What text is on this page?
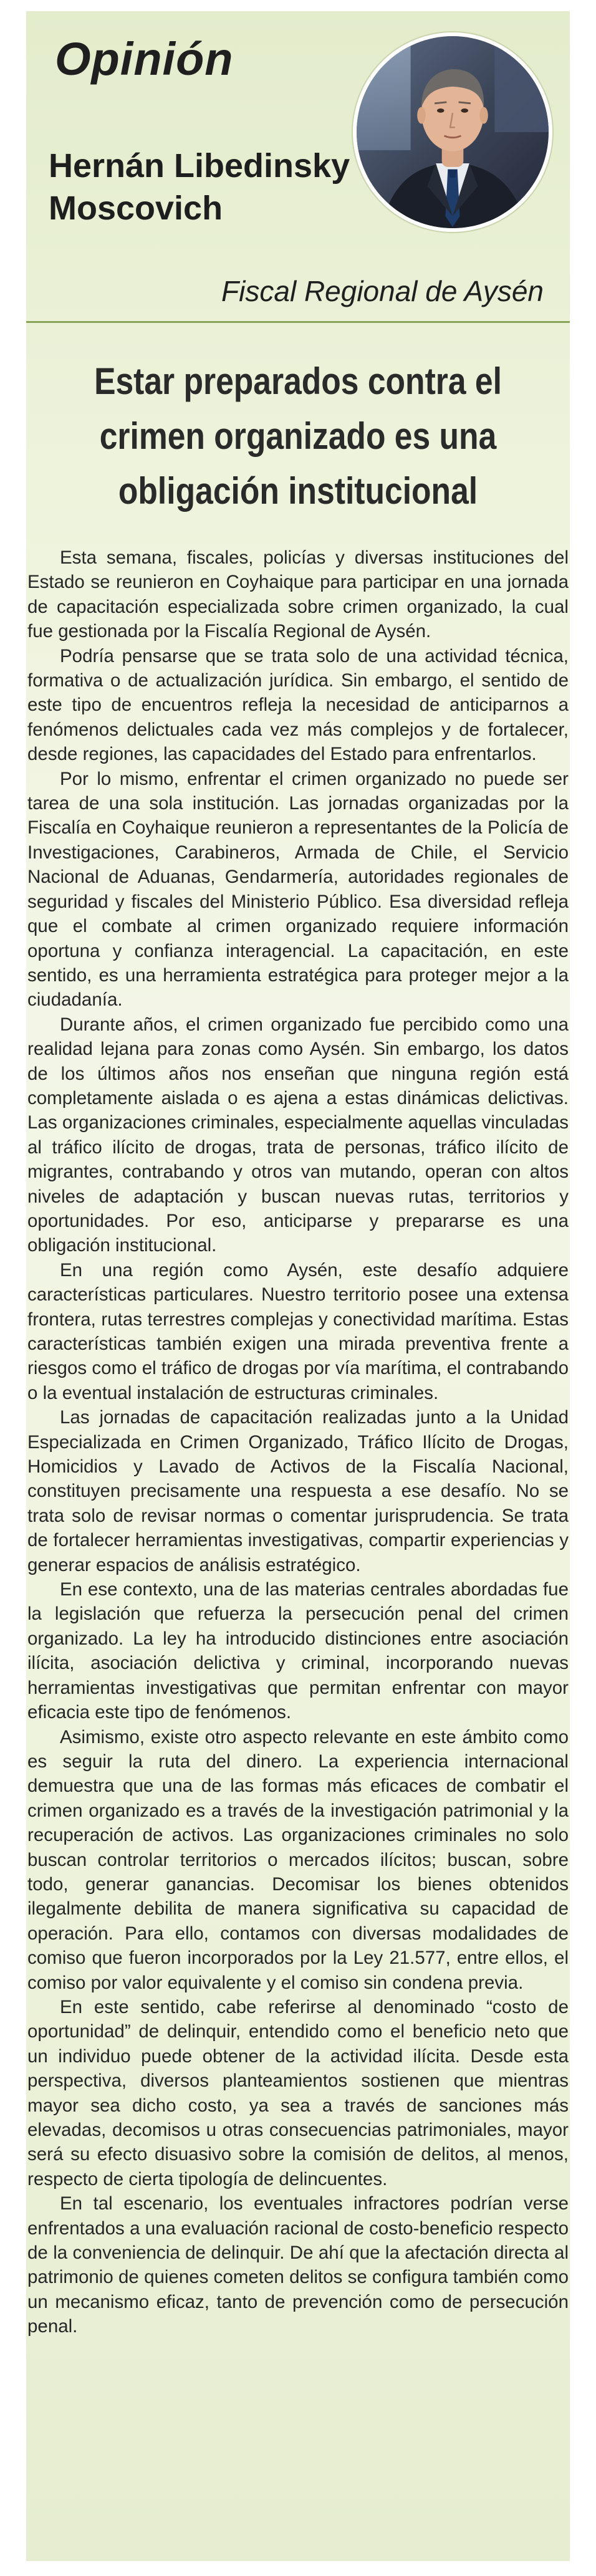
Opinión
Hernán Libedinsky
Moscovich

Fiscal Regional de Aysén

Estar preparados contra el crimen organizado es una obligación institucional

Esta semana, fiscales, policías y diversas instituciones del Estado se reunieron en Coyhaique para participar en una jornada de capacitación especializada sobre crimen organizado, la cual fue gestionada por la Fiscalía Regional de Aysén.

Podría pensarse que se trata solo de una actividad técnica, formativa o de actualización jurídica. Sin embargo, el sentido de este tipo de encuentros refleja la necesidad de anticiparnos a fenómenos delictuales cada vez más complejos y de fortalecer, desde regiones, las capacidades del Estado para enfrentarlos.

Por lo mismo, enfrentar el crimen organizado no puede ser tarea de una sola institución. Las jornadas organizadas por la Fiscalía en Coyhaique reunieron a representantes de la Policía de Investigaciones, Carabineros, Armada de Chile, el Servicio Nacional de Aduanas, Gendarmería, autoridades regionales de seguridad y fiscales del Ministerio Público. Esa diversidad refleja que el combate al crimen organizado requiere información oportuna y confianza interagencial. La capacitación, en este sentido, es una herramienta estratégica para proteger mejor a la ciudadanía.

Durante años, el crimen organizado fue percibido como una realidad lejana para zonas como Aysén. Sin embargo, los datos de los últimos años nos enseñan que ninguna región está completamente aislada o es ajena a estas dinámicas delictivas. Las organizaciones criminales, especialmente aquellas vinculadas al tráfico ilícito de drogas, trata de personas, tráfico ilícito de migrantes, contrabando y otros van mutando, operan con altos niveles de adaptación y buscan nuevas rutas, territorios y oportunidades. Por eso, anticiparse y prepararse es una obligación institucional.

En una región como Aysén, este desafío adquiere características particulares. Nuestro territorio posee una extensa frontera, rutas terrestres complejas y conectividad marítima. Estas características también exigen una mirada preventiva frente a riesgos como el tráfico de drogas por vía marítima, el contrabando o la eventual instalación de estructuras criminales.

Las jornadas de capacitación realizadas junto a la Unidad Especializada en Crimen Organizado, Tráfico Ilícito de Drogas, Homicidios y Lavado de Activos de la Fiscalía Nacional, constituyen precisamente una respuesta a ese desafío. No se trata solo de revisar normas o comentar jurisprudencia. Se trata de fortalecer herramientas investigativas, compartir experiencias y generar espacios de análisis estratégico.

En ese contexto, una de las materias centrales abordadas fue la legislación que refuerza la persecución penal del crimen organizado. La ley ha introducido distinciones entre asociación ilícita, asociación delictiva y criminal, incorporando nuevas herramientas investigativas que permitan enfrentar con mayor eficacia este tipo de fenómenos.

Asimismo, existe otro aspecto relevante en este ámbito como es seguir la ruta del dinero. La experiencia internacional demuestra que una de las formas más eficaces de combatir el crimen organizado es a través de la investigación patrimonial y la recuperación de activos. Las organizaciones criminales no solo buscan controlar territorios o mercados ilícitos; buscan, sobre todo, generar ganancias. Decomisar los bienes obtenidos ilegalmente debilita de manera significativa su capacidad de operación. Para ello, contamos con diversas modalidades de comiso que fueron incorporados por la Ley 21.577, entre ellos, el comiso por valor equivalente y el comiso sin condena previa.

En este sentido, cabe referirse al denominado “costo de oportunidad” de delinquir, entendido como el beneficio neto que un individuo puede obtener de la actividad ilícita. Desde esta perspectiva, diversos planteamientos sostienen que mientras mayor sea dicho costo, ya sea a través de sanciones más elevadas, decomisos u otras consecuencias patrimoniales, mayor será su efecto disuasivo sobre la comisión de delitos, al menos, respecto de cierta tipología de delincuentes.

En tal escenario, los eventuales infractores podrían verse enfrentados a una evaluación racional de costo-beneficio respecto de la conveniencia de delinquir. De ahí que la afectación directa al patrimonio de quienes cometen delitos se configura también como un mecanismo eficaz, tanto de prevención como de persecución penal.
